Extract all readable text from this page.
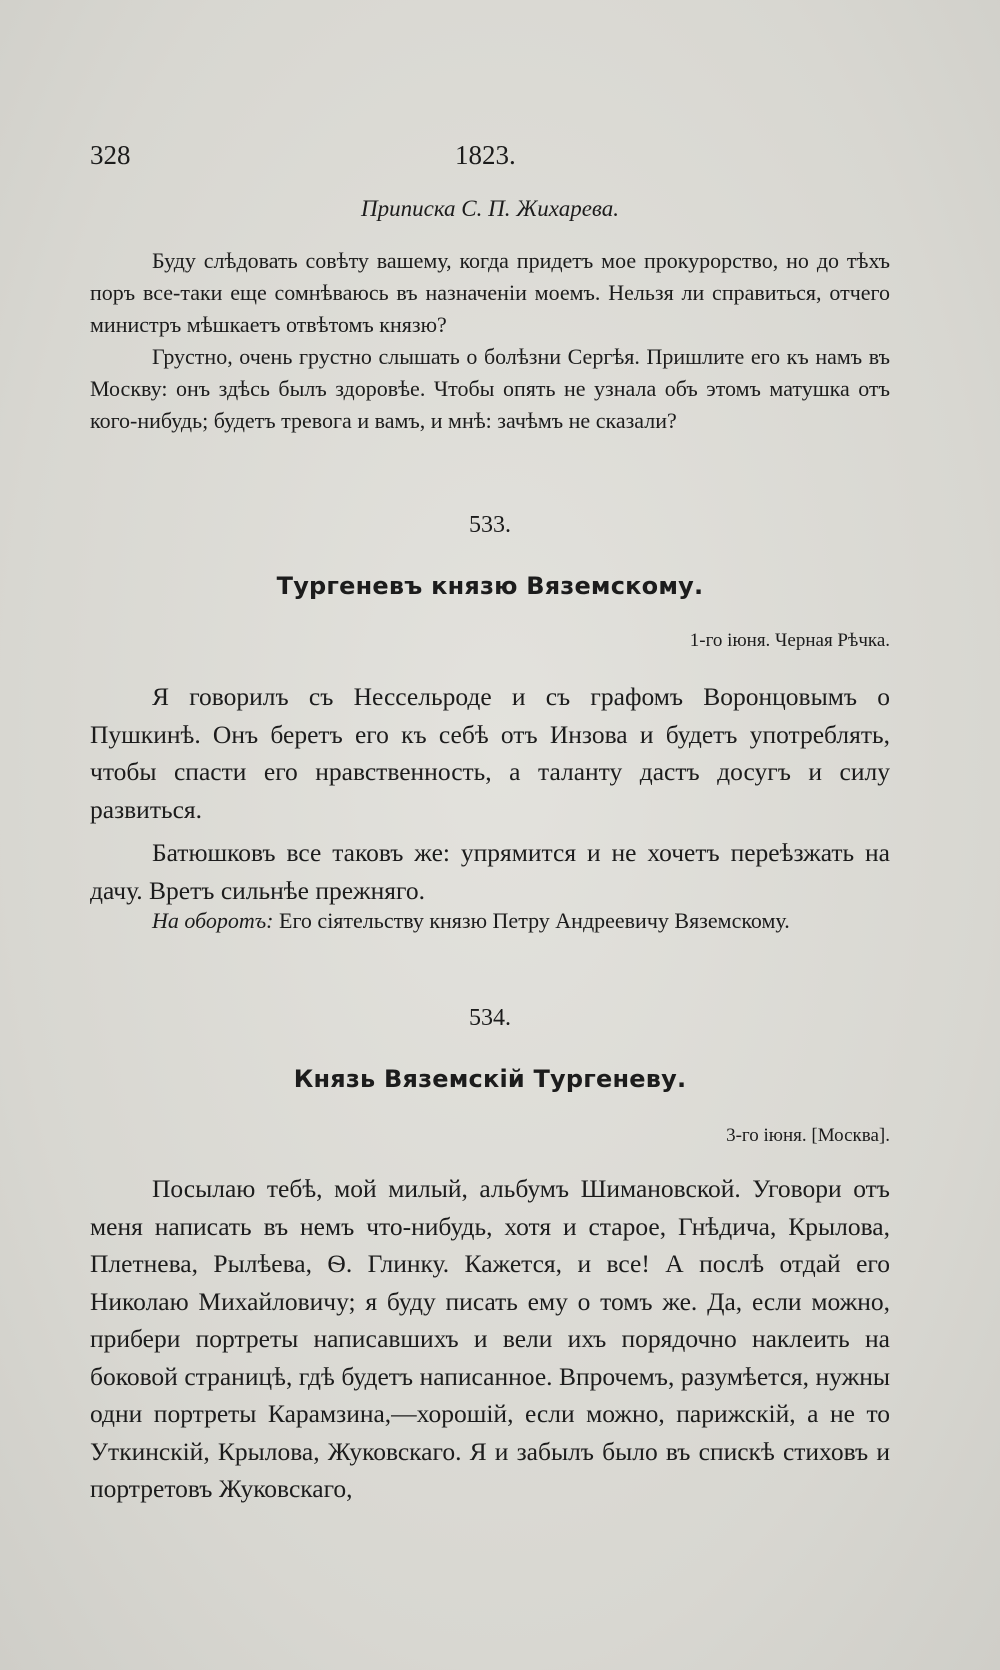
328	1823.
Приписка С. П. Жихарева.

Буду слѣдовать совѣту вашему, когда придетъ мое прокурорство, но до тѣхъ поръ все-таки еще сомнѣваюсь въ назначенiи моемъ. Нельзя ли справиться, отчего министръ мѣшкаетъ отвѣтомъ князю?

Грустно, очень грустно слышать о болѣзни Сергѣя. Пришлите его къ намъ въ Москву: онъ здѣсь былъ здоровѣе. Чтобы опять не узнала объ этомъ матушка отъ кого-нибудь; будетъ тревога и вамъ, и мнѣ: зачѣмъ не сказали?

533.
Тургеневъ князю Вяземскому.
1-го iюня. Черная Рѣчка.

Я говорилъ съ Нессельроде и съ графомъ Воронцовымъ о Пушкинѣ. Онъ беретъ его къ себѣ отъ Инзова и будетъ употреблять, чтобы спасти его нравственность, а таланту дастъ досугъ и силу развиться.

Батюшковъ все таковъ же: упрямится и не хочетъ переѣзжать на дачу. Вретъ сильнѣе прежняго.

На оборотъ: Его сiятельству князю Петру Андреевичу Вяземскому.
534.
Князь Вяземскiй Тургеневу.
3-го iюня. [Москва].

Посылаю тебѣ, мой милый, альбумъ Шимановской. Уговори отъ меня написать въ немъ что-нибудь, хотя и старое, Гнѣдича, Крылова, Плетнева, Рылѣева, Ѳ. Глинку. Кажется, и все! А послѣ отдай его Николаю Михайловичу; я буду писать ему о томъ же. Да, если можно, прибери портреты написавшихъ и вели ихъ порядочно наклеить на боковой страницѣ, гдѣ будетъ написанное. Впрочемъ, разумѣется, нужны одни портреты Карамзина,—хорошiй, если можно, парижскiй, а не то Уткинскiй, Крылова, Жуковскаго. Я и забылъ было въ спискѣ стиховъ и портретовъ Жуковскаго,
